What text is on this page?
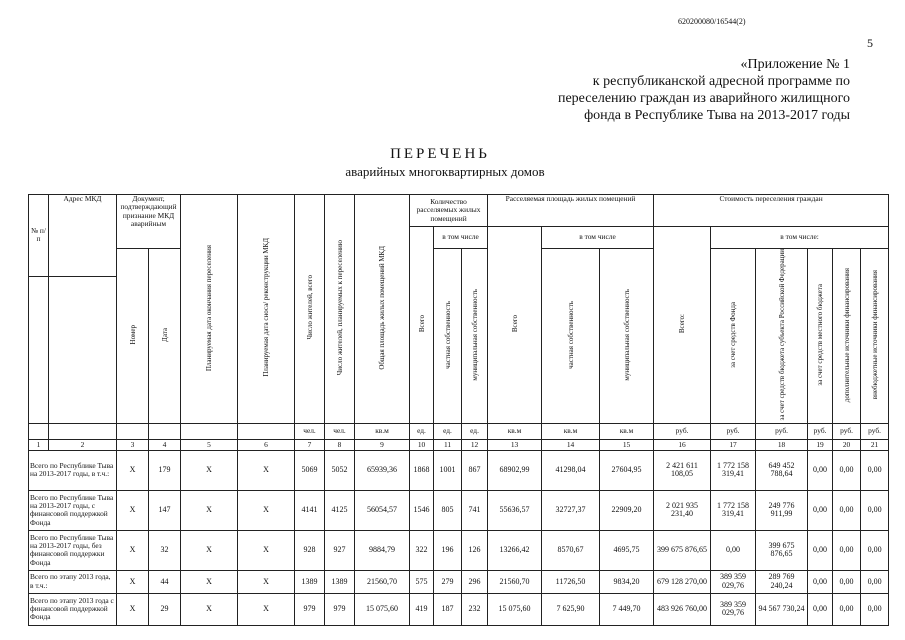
620200080/16544(2)
5
«Приложение № 1
к республиканской адресной программе по
переселению граждан из аварийного жилищного
фонда в Республике Тыва на 2013-2017 годы
ПЕРЕЧЕНЬ
аварийных многоквартирных домов
№ п/п	Адрес МКД	Документ, подтверждающий признание МКД аварийным		Планируемая дата окончания переселения	Планируемая дата сноса/ реконструкции МКД	Число жителей, всего	Число жителей, планируемых к переселению	Общая площадь жилых помещений МКД	Количество расселяемых жилых помещений			Расселяемая площадь жилых помещений			Стоимость переселения граждан					
									Всего	в том числе		Всего	в том числе		Всего:	в том числе:				
		Номер	Дата							частная собственность	муниципальная собственность		частная собственность	муниципальная собственность		за счет средств Фонда	за счет средств бюджета субъекта Российской Федерации	за счет средств местного бюджета	дополнительные источники финансирования	внебюджетные источники финансирования

						чел.	чел.	кв.м	ед.	ед.	ед.	кв.м	кв.м	кв.м	руб.	руб.	руб.	руб.	руб.	руб.
1	2	3	4	5	6	7	8	9	10	11	12	13	14	15	16	17	18	19	20	21
Всего по Республике Тыва на 2013-2017 годы, в т.ч.:		X	179	X	X	5069	5052	65939,36	1868	1001	867	68902,99	41298,04	27604,95	2 421 611 108,05	1 772 158 319,41	649 452 788,64	0,00	0,00	0,00
Всего по Республике Тыва на 2013-2017 годы, с финансовой поддержкой Фонда		X	147	X	X	4141	4125	56054,57	1546	805	741	55636,57	32727,37	22909,20	2 021 935 231,40	1 772 158 319,41	249 776 911,99	0,00	0,00	0,00
Всего по Республике Тыва на 2013-2017 годы, без финансовой поддержки Фонда		X	32	X	X	928	927	9884,79	322	196	126	13266,42	8570,67	4695,75	399 675 876,65	0,00	399 675 876,65	0,00	0,00	0,00
Всего по этапу 2013 года, в т.ч.:		X	44	X	X	1389	1389	21560,70	575	279	296	21560,70	11726,50	9834,20	679 128 270,00	389 359 029,76	289 769 240,24	0,00	0,00	0,00
Всего по этапу 2013 года с финансовой поддержкой Фонда		X	29	X	X	979	979	15 075,60	419	187	232	15 075,60	7 625,90	7 449,70	483 926 760,00	389 359 029,76	94 567 730,24	0,00	0,00	0,00
